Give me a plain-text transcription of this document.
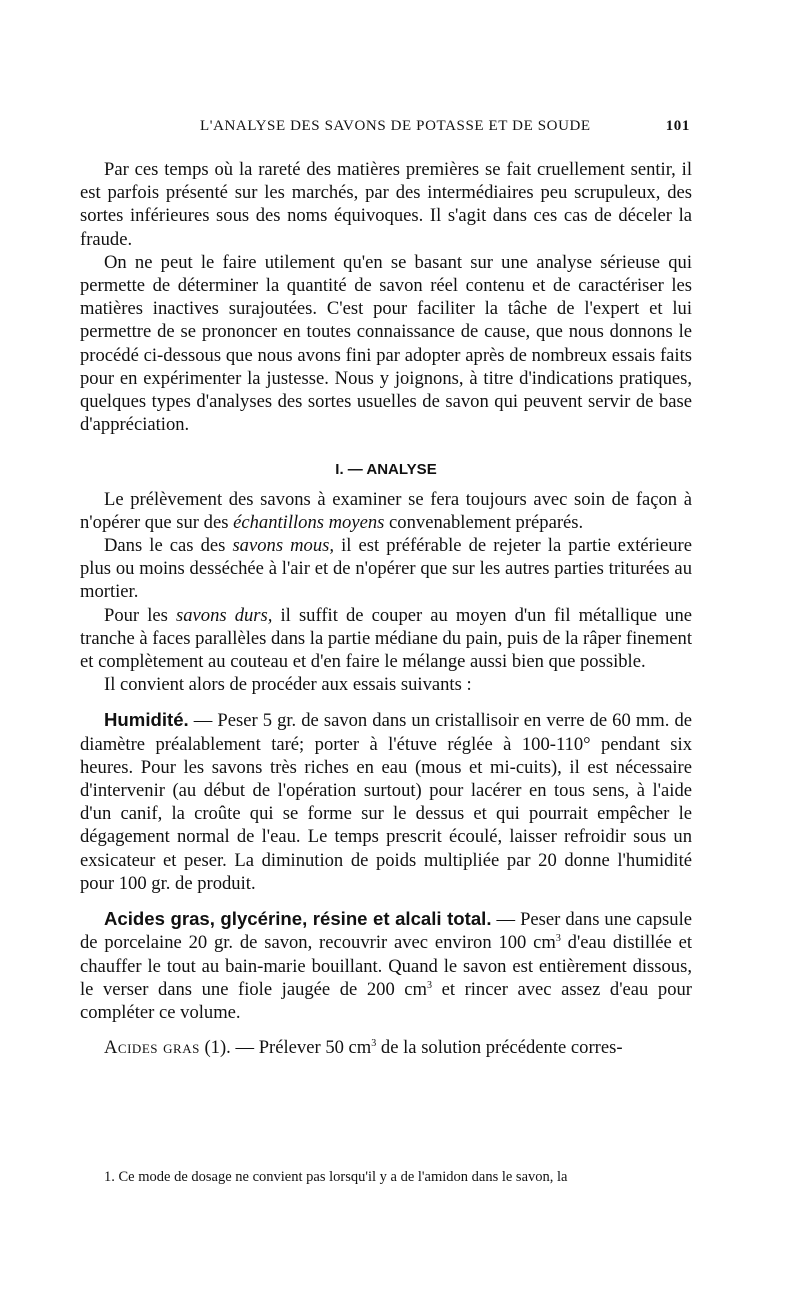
L'ANALYSE DES SAVONS DE POTASSE ET DE SOUDE	101

Par ces temps où la rareté des matières premières se fait cruellement sentir, il est parfois présenté sur les marchés, par des intermédiaires peu scrupuleux, des sortes inférieures sous des noms équivoques. Il s'agit dans ces cas de déceler la fraude.

On ne peut le faire utilement qu'en se basant sur une analyse sérieuse qui permette de déterminer la quantité de savon réel contenu et de caractériser les matières inactives surajoutées. C'est pour faciliter la tâche de l'expert et lui permettre de se prononcer en toutes connaissance de cause, que nous donnons le procédé ci-dessous que nous avons fini par adopter après de nombreux essais faits pour en expérimenter la justesse. Nous y joignons, à titre d'indications pratiques, quelques types d'analyses des sortes usuelles de savon qui peuvent servir de base d'appréciation.

I. — ANALYSE

Le prélèvement des savons à examiner se fera toujours avec soin de façon à n'opérer que sur des échantillons moyens convenablement préparés.

Dans le cas des savons mous, il est préférable de rejeter la partie extérieure plus ou moins desséchée à l'air et de n'opérer que sur les autres parties triturées au mortier.

Pour les savons durs, il suffit de couper au moyen d'un fil métallique une tranche à faces parallèles dans la partie médiane du pain, puis de la râper finement et complètement au couteau et d'en faire le mélange aussi bien que possible.

Il convient alors de procéder aux essais suivants :

Humidité. — Peser 5 gr. de savon dans un cristallisoir en verre de 60 mm. de diamètre préalablement taré; porter à l'étuve réglée à 100-110° pendant six heures. Pour les savons très riches en eau (mous et mi-cuits), il est nécessaire d'intervenir (au début de l'opération surtout) pour lacérer en tous sens, à l'aide d'un canif, la croûte qui se forme sur le dessus et qui pourrait empêcher le dégagement normal de l'eau. Le temps prescrit écoulé, laisser refroidir sous un exsicateur et peser. La diminution de poids multipliée par 20 donne l'humidité pour 100 gr. de produit.

Acides gras, glycérine, résine et alcali total. — Peser dans une capsule de porcelaine 20 gr. de savon, recouvrir avec environ 100 $cm^3$ d'eau distillée et chauffer le tout au bain-marie bouillant. Quand le savon est entièrement dissous, le verser dans une fiole jaugée de 200 $cm^3$ et rincer avec assez d'eau pour compléter ce volume.

Acides gras (1). — Prélever 50 $cm^3$ de la solution précédente corres-

1. Ce mode de dosage ne convient pas lorsqu'il y a de l'amidon dans le savon, la
